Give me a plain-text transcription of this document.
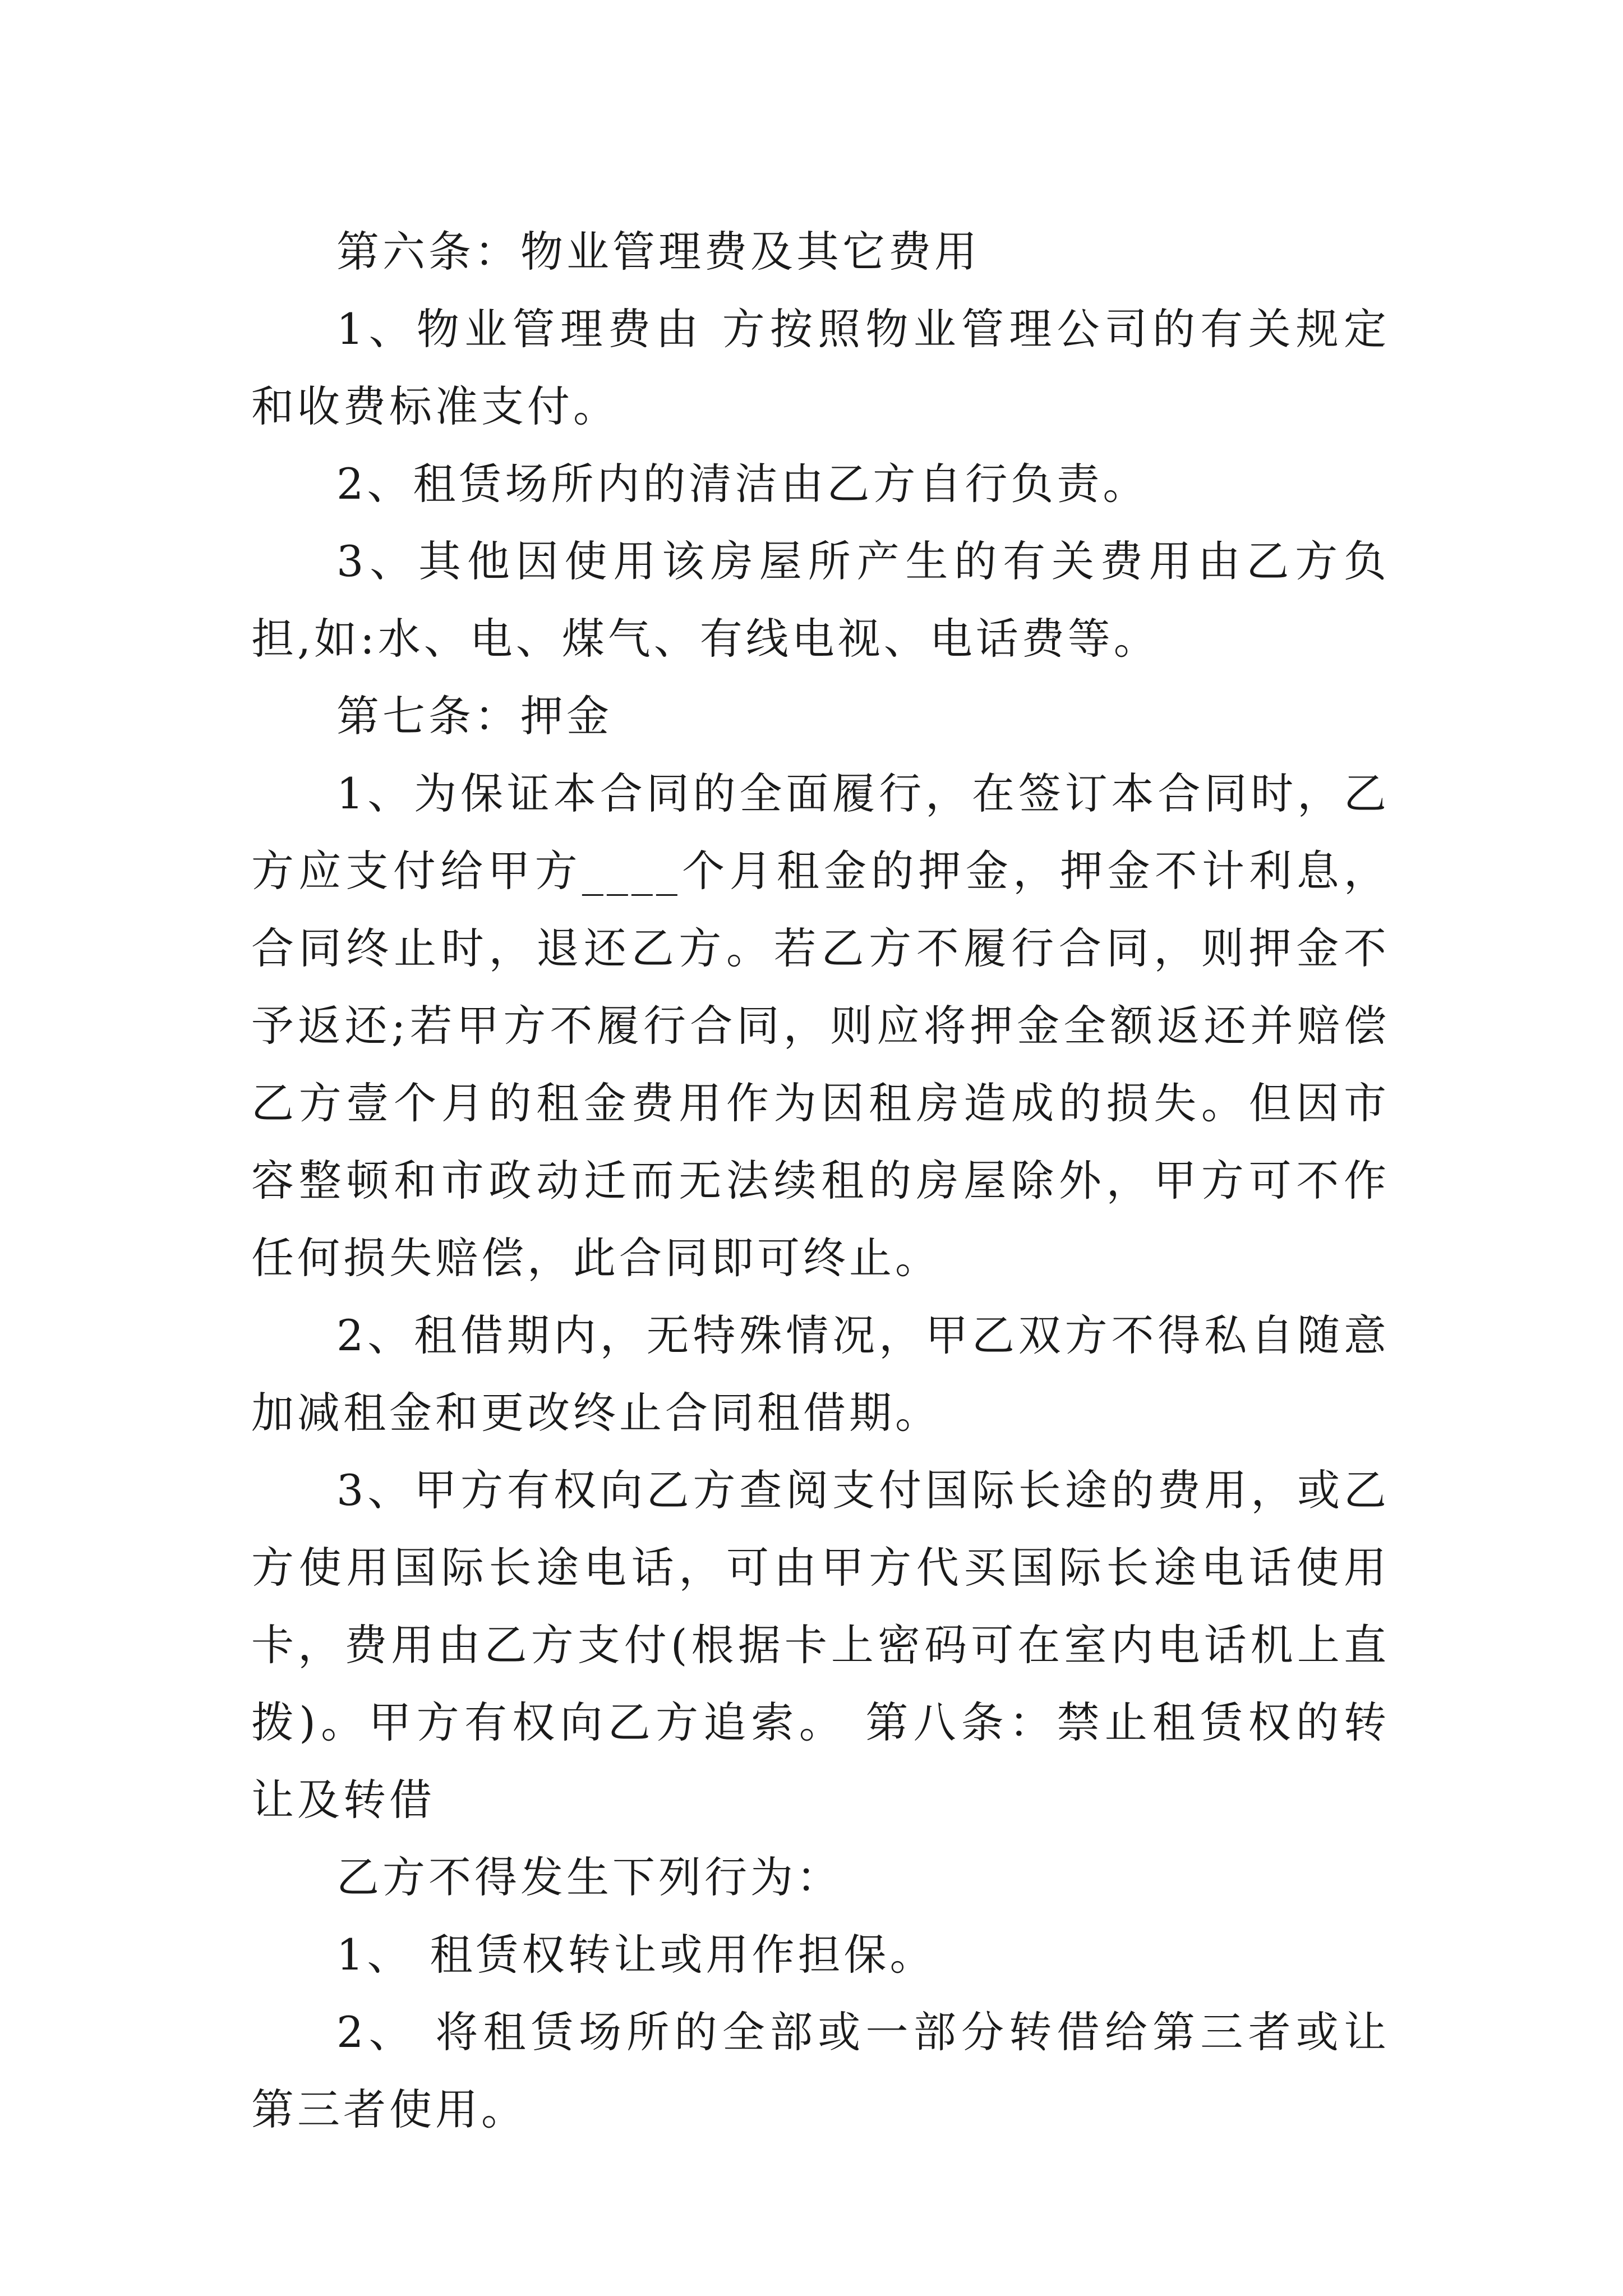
第六条：物业管理费及其它费用

1、物业管理费由 方按照物业管理公司的有关规定和收费标准支付。

2、租赁场所内的清洁由乙方自行负责。

3、其他因使用该房屋所产生的有关费用由乙方负担,如:水、电、煤气、有线电视、电话费等。

第七条：押金

1、为保证本合同的全面履行，在签订本合同时，乙方应支付给甲方____个月租金的押金，押金不计利息，合同终止时，退还乙方。若乙方不履行合同，则押金不予返还;若甲方不履行合同，则应将押金全额返还并赔偿乙方壹个月的租金费用作为因租房造成的损失。但因市容整顿和市政动迁而无法续租的房屋除外，甲方可不作任何损失赔偿，此合同即可终止。

2、租借期内，无特殊情况，甲乙双方不得私自随意加减租金和更改终止合同租借期。

3、甲方有权向乙方查阅支付国际长途的费用，或乙方使用国际长途电话，可由甲方代买国际长途电话使用卡，费用由乙方支付(根据卡上密码可在室内电话机上直拨)。甲方有权向乙方追索。 第八条：禁止租赁权的转让及转借

乙方不得发生下列行为：

1、 租赁权转让或用作担保。

2、 将租赁场所的全部或一部分转借给第三者或让第三者使用。
